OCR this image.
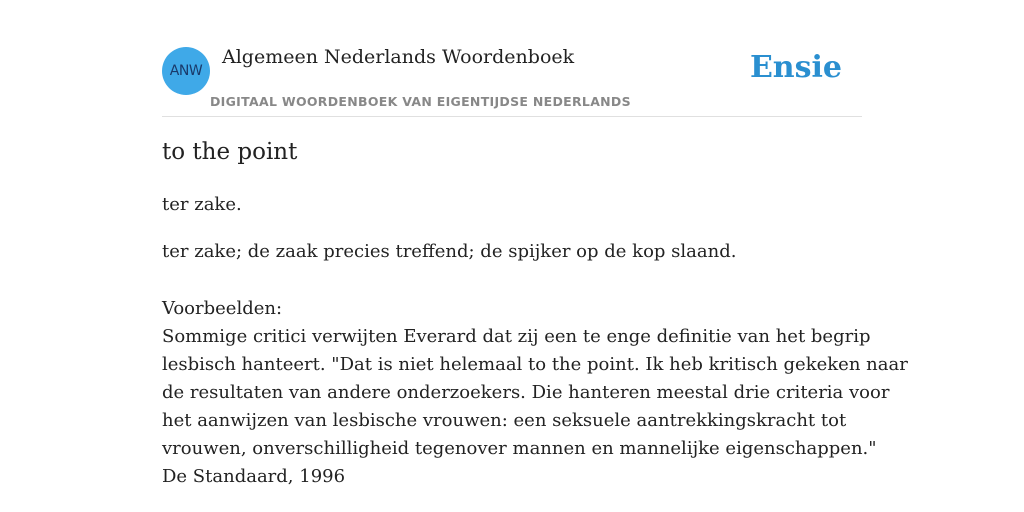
ANW
Algemeen Nederlands Woordenboek
DIGITAAL WOORDENBOEK VAN EIGENTIJDSE NEDERLANDS
Ensie
to the point

ter zake.

ter zake; de zaak precies treffend; de spijker op de kop slaand.

Voorbeelden:
Sommige critici verwijten Everard dat zij een te enge definitie van het begrip
lesbisch hanteert. "Dat is niet helemaal to the point. Ik heb kritisch gekeken naar
de resultaten van andere onderzoekers. Die hanteren meestal drie criteria voor
het aanwijzen van lesbische vrouwen: een seksuele aantrekkingskracht tot
vrouwen, onverschilligheid tegenover mannen en mannelijke eigenschappen."
De Standaard, 1996
